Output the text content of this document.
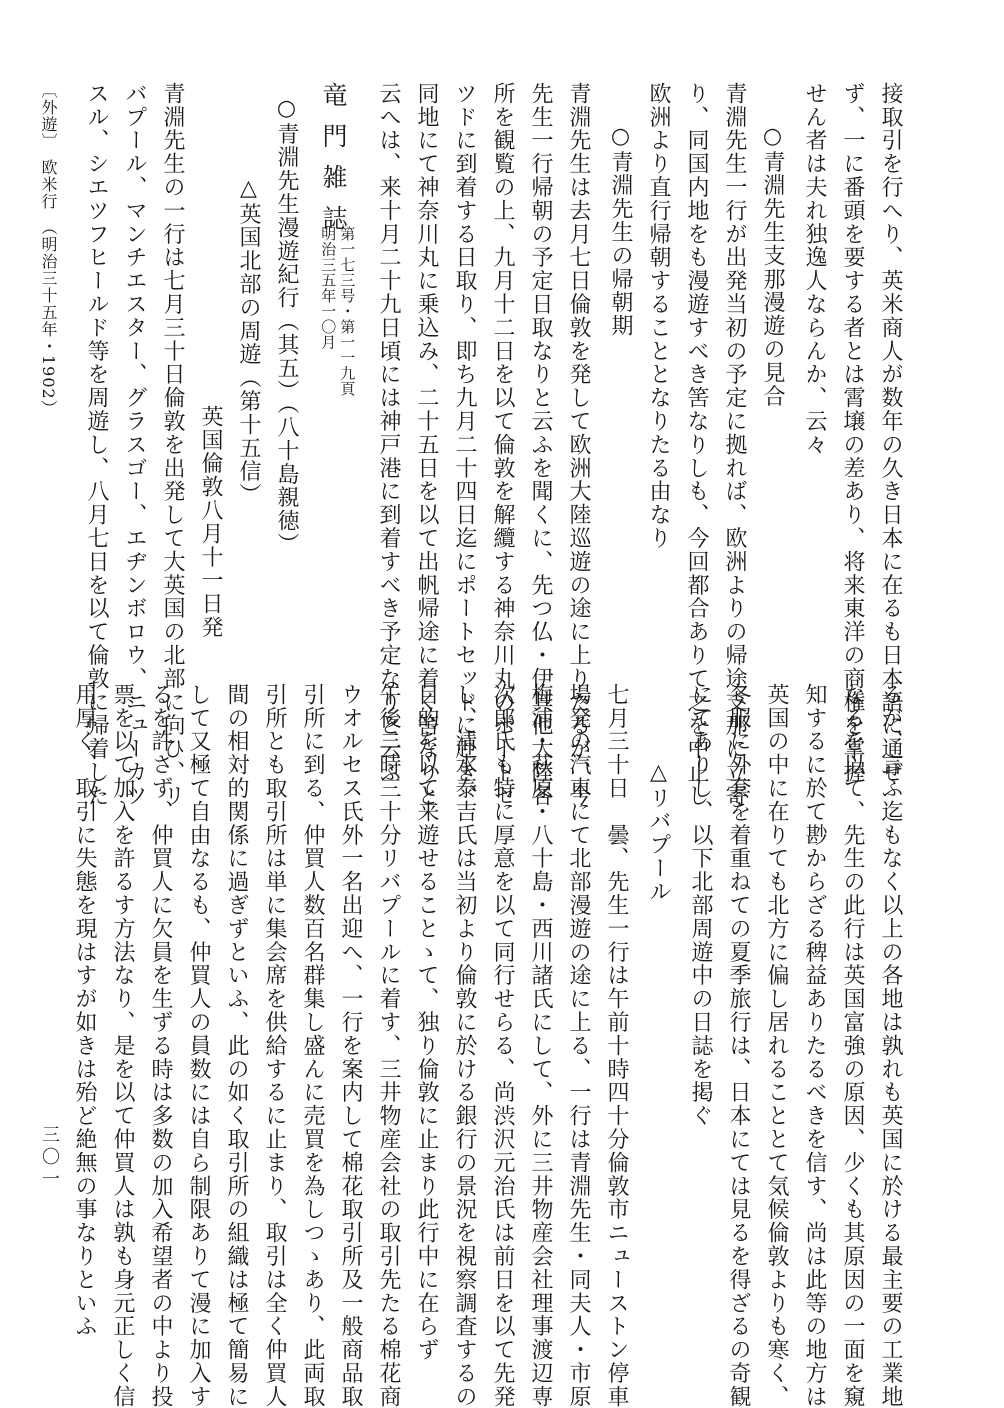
接取引を行へり、英米商人が数年の久き日本に在るも日本語に通ぜ
ず、一に番頭を要する者とは霄壌の差あり、将来東洋の商権を掌握
せん者は夫れ独逸人ならんか、云々
○青淵先生支那漫遊の見合
青淵先生一行が出発当初の予定に拠れば、欧洲よりの帰途支那に立寄
り、同国内地をも漫遊すべき筈なりしも、今回都合ありて之を中止し
欧洲より直行帰朝することとなりたる由なり
○青淵先生の帰朝期
青淵先生は去月七日倫敦を発して欧洲大陸巡遊の途に上りたるが、今
先生一行帰朝の予定日取なりと云ふを聞くに、先つ仏・伊其他大陸各
所を観覧の上、九月十二日を以て倫敦を解纜する神奈川丸のポートセ
ツドに到着する日取り、即ち九月二十四日迄にポートセッドに赴き、
同地にて神奈川丸に乗込み、二十五日を以て出帆帰途に着く筈なりと
云へは、来十月二十九日頃には神戸港に到着すべき予定なりと云ふ
竜門雑誌
第一七三号・第一一九頁
明治三五年一〇月
○青淵先生漫遊紀行（其五）（八十島親徳）
△英国北部の周遊（第十五信）
英国倫敦八月十一日発
青淵先生の一行は七月三十日倫敦を出発して大英国の北部に向ひ、リ
バプール、マンチエスター、グラスゴー、エヂンボロウ、ニューカツ
スル、シエツフヒールド等を周遊し、八月七日を以て倫敦に帰着した
るが、言ふ迄もなく以上の各地は孰れも英国に於ける最主要の工業地
なるを以て、先生の此行は英国富強の原因、少くも其原因の一面を窺
知するに於て尠からざる稗益ありたるべきを信す、尚は此等の地方は
英国の中に在りても北方に偏し居れることとて気候倫敦よりも寒く、
冬服に外套を着重ねての夏季旅行は、日本にては見るを得ざるの奇観
にてありし、以下北部周遊中の日誌を掲ぐ
△リバプール
七月三十日　曇、先生一行は午前十時四十分倫敦市ニューストン停車
場発の汽車にて北部漫遊の途に上る、一行は青淵先生・同夫人・市原
梅浦・萩原・八十島・西川諸氏にして、外に三井物産会社理事渡辺専
次郎氏も特に厚意を以て同行せらる、尚渋沢元治氏は前日を以て先発
し、清水泰吉氏は当初より倫敦に於ける銀行の景況を視察調査するの
目的を以て来遊せることゝて、独り倫敦に止まり此行中に在らず
午後二時三十分リバプールに着す、三井物産会社の取引先たる棉花商
ウオルセス氏外一名出迎へ、一行を案内して棉花取引所及一般商品取
引所に到る、仲買人数百名群集し盛んに売買を為しつゝあり、此両取
引所とも取引所は単に集会席を供給するに止まり、取引は全く仲買人
間の相対的関係に過ぎずといふ、此の如く取引所の組織は極て簡易に
して又極て自由なるも、仲買人の員数には自ら制限ありて漫に加入す
るを許さず、仲買人に欠員を生ずる時は多数の加入希望者の中より投
票を以て加入を許るす方法なり、是を以て仲買人は孰も身元正しく信
用厚く、取引に失態を現はすが如きは殆ど絶無の事なりといふ
〔外遊〕　欧米行　（明治三十五年・1902）
三〇一
